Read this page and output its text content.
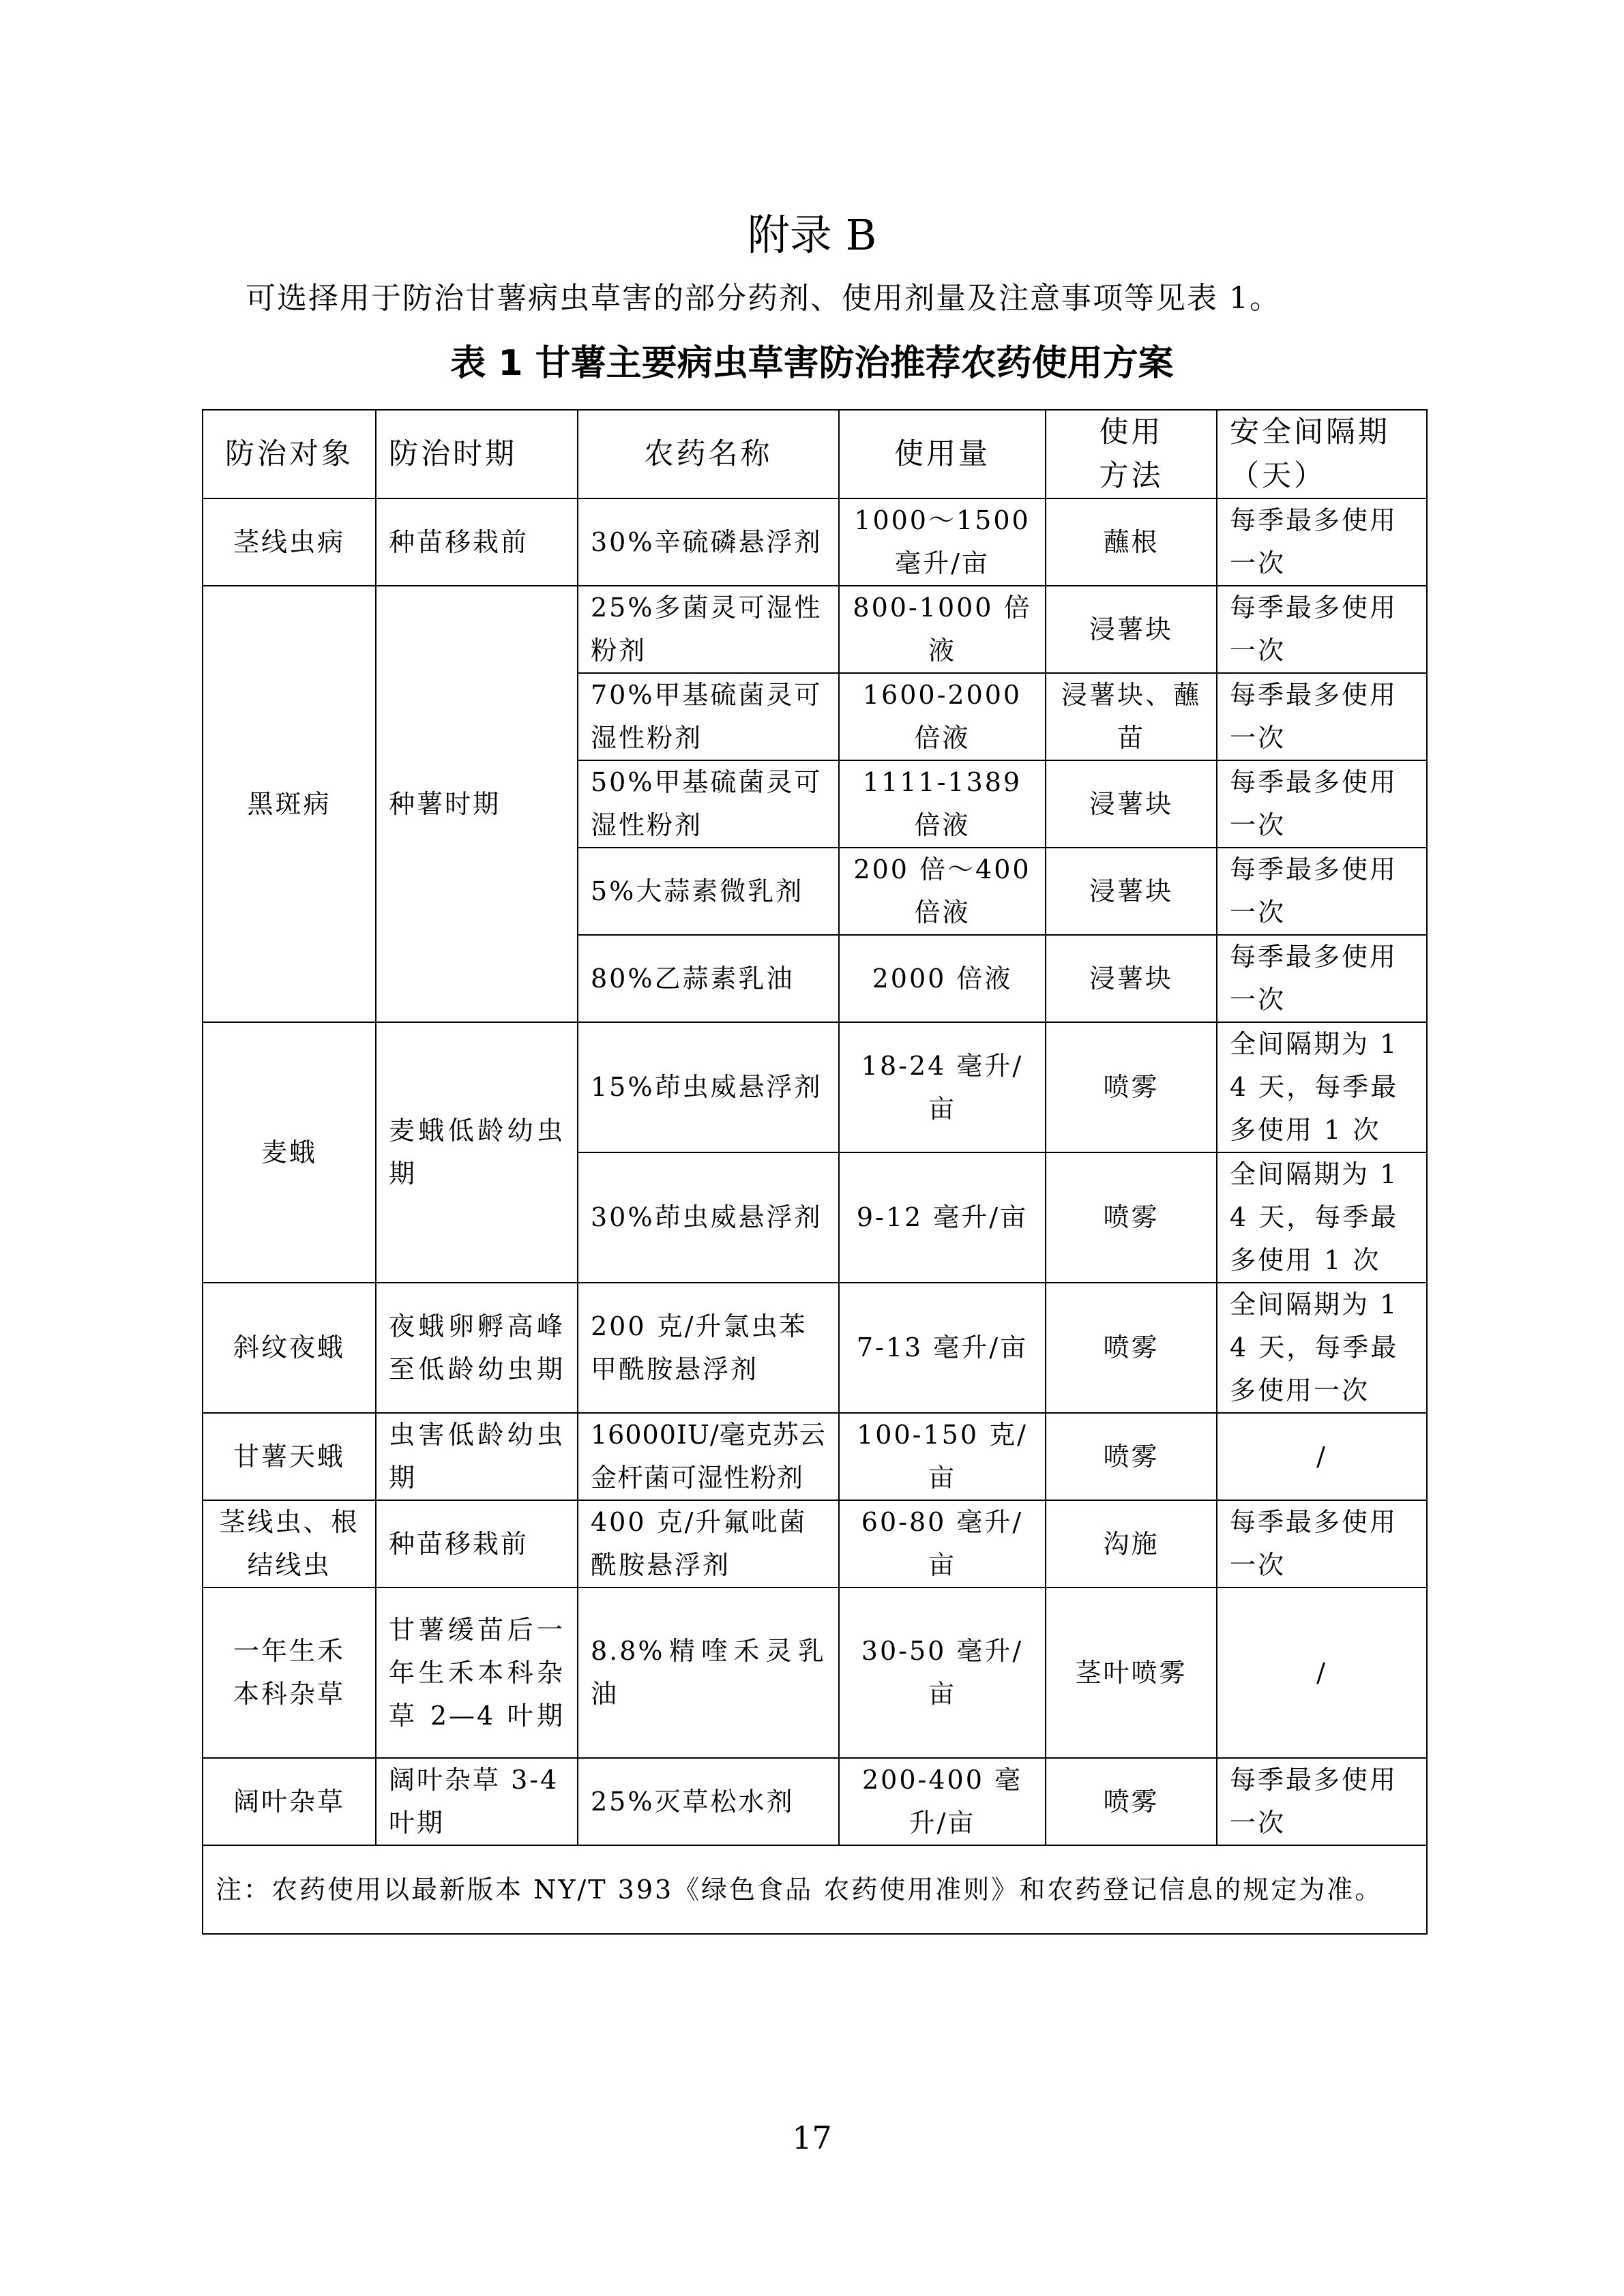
附录 B
可选择用于防治甘薯病虫草害的部分药剂、使用剂量及注意事项等见表 1。
表 1 甘薯主要病虫草害防治推荐农药使用方案
防治对象	防治时期	农药名称	使用量	使用方法	安全间隔期（天）
茎线虫病	种苗移栽前	30%辛硫磷悬浮剂	1000～1500 毫升/亩	蘸根	每季最多使用一次
黑斑病	种薯时期	25%多菌灵可湿性粉剂	800-1000 倍液	浸薯块	每季最多使用一次
		70%甲基硫菌灵可湿性粉剂	1600-2000 倍液	浸薯块、蘸苗	每季最多使用一次
		50%甲基硫菌灵可湿性粉剂	1111-1389 倍液	浸薯块	每季最多使用一次
		5%大蒜素微乳剂	200 倍～400 倍液	浸薯块	每季最多使用一次
		80%乙蒜素乳油	2000 倍液	浸薯块	每季最多使用一次
麦蛾	麦蛾低龄幼虫期	15%茚虫威悬浮剂	18-24 毫升/亩	喷雾	全间隔期为 14 天，每季最多使用 1 次
		30%茚虫威悬浮剂	9-12 毫升/亩	喷雾	全间隔期为 14 天，每季最多使用 1 次
斜纹夜蛾	夜蛾卵孵高峰至低龄幼虫期	200 克/升氯虫苯甲酰胺悬浮剂	7-13 毫升/亩	喷雾	全间隔期为 14 天，每季最多使用一次
甘薯天蛾	虫害低龄幼虫期	16000IU/毫克苏云金杆菌可湿性粉剂	100-150 克/亩	喷雾	/
茎线虫、根结线虫	种苗移栽前	400 克/升氟吡菌酰胺悬浮剂	60-80 毫升/亩	沟施	每季最多使用一次
一年生禾本科杂草	甘薯缓苗后一年生禾本科杂草 2—4 叶期	8.8%精喹禾灵乳油	30-50 毫升/亩	茎叶喷雾	/
阔叶杂草	阔叶杂草 3-4 叶期	25%灭草松水剂	200-400 毫升/亩	喷雾	每季最多使用一次
注：农药使用以最新版本 NY/T 393《绿色食品 农药使用准则》和农药登记信息的规定为准。					
17
